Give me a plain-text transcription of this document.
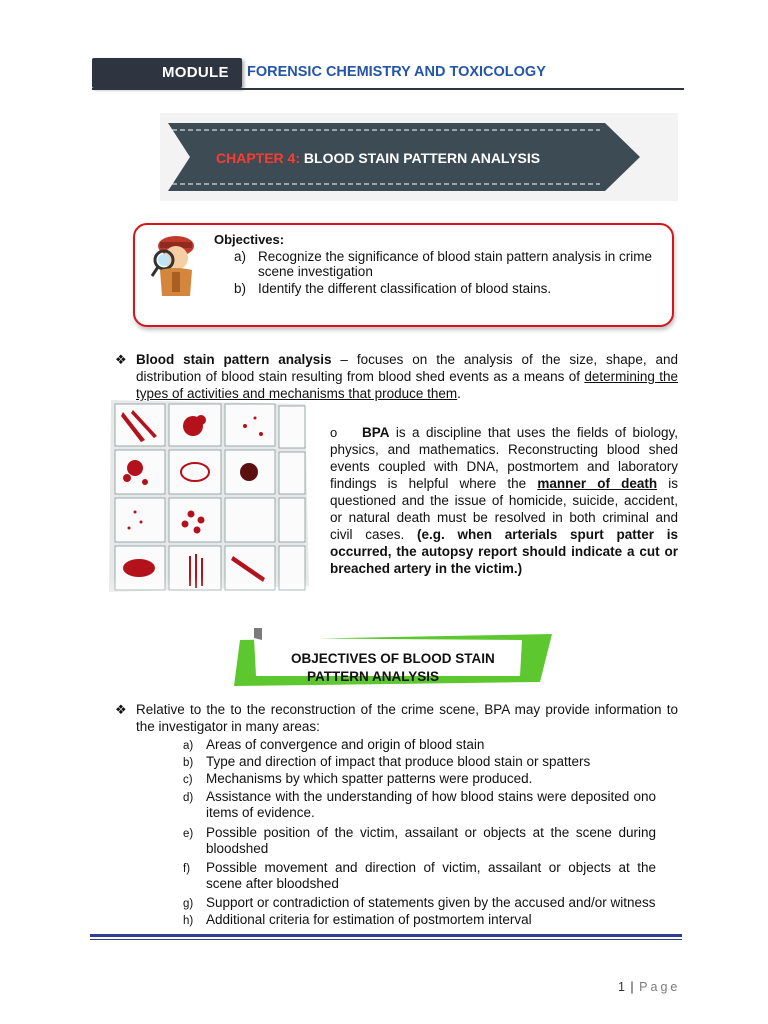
MODULE FORENSIC CHEMISTRY AND TOXICOLOGY
CHAPTER 4: BLOOD STAIN PATTERN ANALYSIS
Objectives:
a) Recognize the significance of blood stain pattern analysis in crime scene investigation
b) Identify the different classification of blood stains.
❖ Blood stain pattern analysis – focuses on the analysis of the size, shape, and distribution of blood stain resulting from blood shed events as a means of determining the types of activities and mechanisms that produce them.
o	BPA is a discipline that uses the fields of biology, physics, and mathematics. Reconstructing blood shed events coupled with DNA, postmortem and laboratory findings is helpful where the manner of death is questioned and the issue of homicide, suicide, accident, or natural death must be resolved in both criminal and civil cases. (e.g. when arterials spurt patter is occurred, the autopsy report should indicate a cut or breached artery in the victim.)
OBJECTIVES OF BLOOD STAIN
PATTERN ANALYSIS
❖ Relative to the to the reconstruction of the crime scene, BPA may provide information to the investigator in many areas:
a) Areas of convergence and origin of blood stain
b) Type and direction of impact that produce blood stain or spatters
c) Mechanisms by which spatter patterns were produced.
d) Assistance with the understanding of how blood stains were deposited ono items of evidence.
e) Possible position of the victim, assailant or objects at the scene during bloodshed
f) Possible movement and direction of victim, assailant or objects at the scene after bloodshed
g) Support or contradiction of statements given by the accused and/or witness
h) Additional criteria for estimation of postmortem interval
1 | Page
